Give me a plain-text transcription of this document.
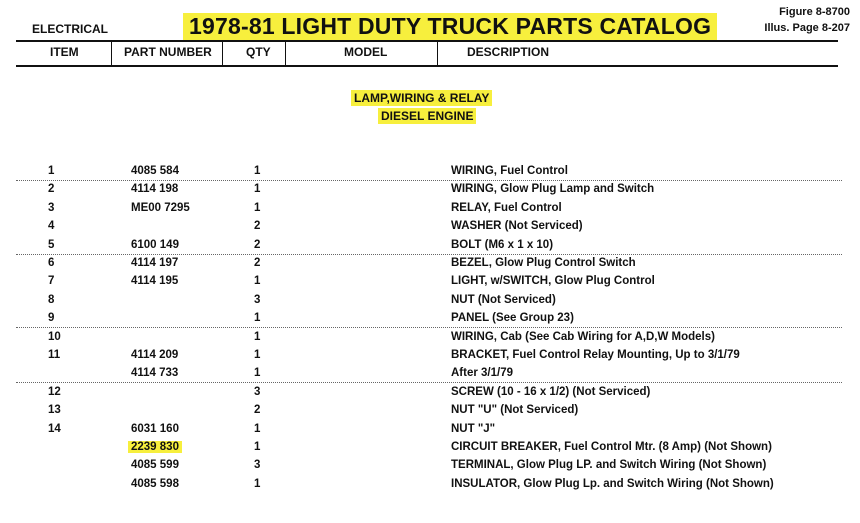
ELECTRICAL	1978-81 LIGHT DUTY TRUCK PARTS CATALOG
Figure 8-8700
Illus. Page 8-207
ITEM	PART NUMBER	QTY	MODEL	DESCRIPTION
LAMP,WIRING & RELAY
DIESEL ENGINE
1	4085 584	1	WIRING, Fuel Control
2	4114 198	1	WIRING, Glow Plug Lamp and Switch
3	ME00 7295	1	RELAY, Fuel Control
4	2	WASHER (Not Serviced)
5	6100 149	2	BOLT (M6 x 1 x 10)
6	4114 197	2	BEZEL, Glow Plug Control Switch
7	4114 195	1	LIGHT, w/SWITCH, Glow Plug Control
8	3	NUT (Not Serviced)
9	1	PANEL (See Group 23)
10	1	WIRING, Cab (See Cab Wiring for A,D,W Models)
11	4114 209	1	BRACKET, Fuel Control Relay Mounting, Up to 3/1/79
4114 733	1	After 3/1/79
12	3	SCREW (10 - 16 x 1/2) (Not Serviced)
13	2	NUT "U" (Not Serviced)
14	6031 160	1	NUT "J"
2239 830	1	CIRCUIT BREAKER, Fuel Control Mtr. (8 Amp) (Not Shown)
4085 599	3	TERMINAL, Glow Plug LP. and Switch Wiring (Not Shown)
4085 598	1	INSULATOR, Glow Plug Lp. and Switch Wiring (Not Shown)
